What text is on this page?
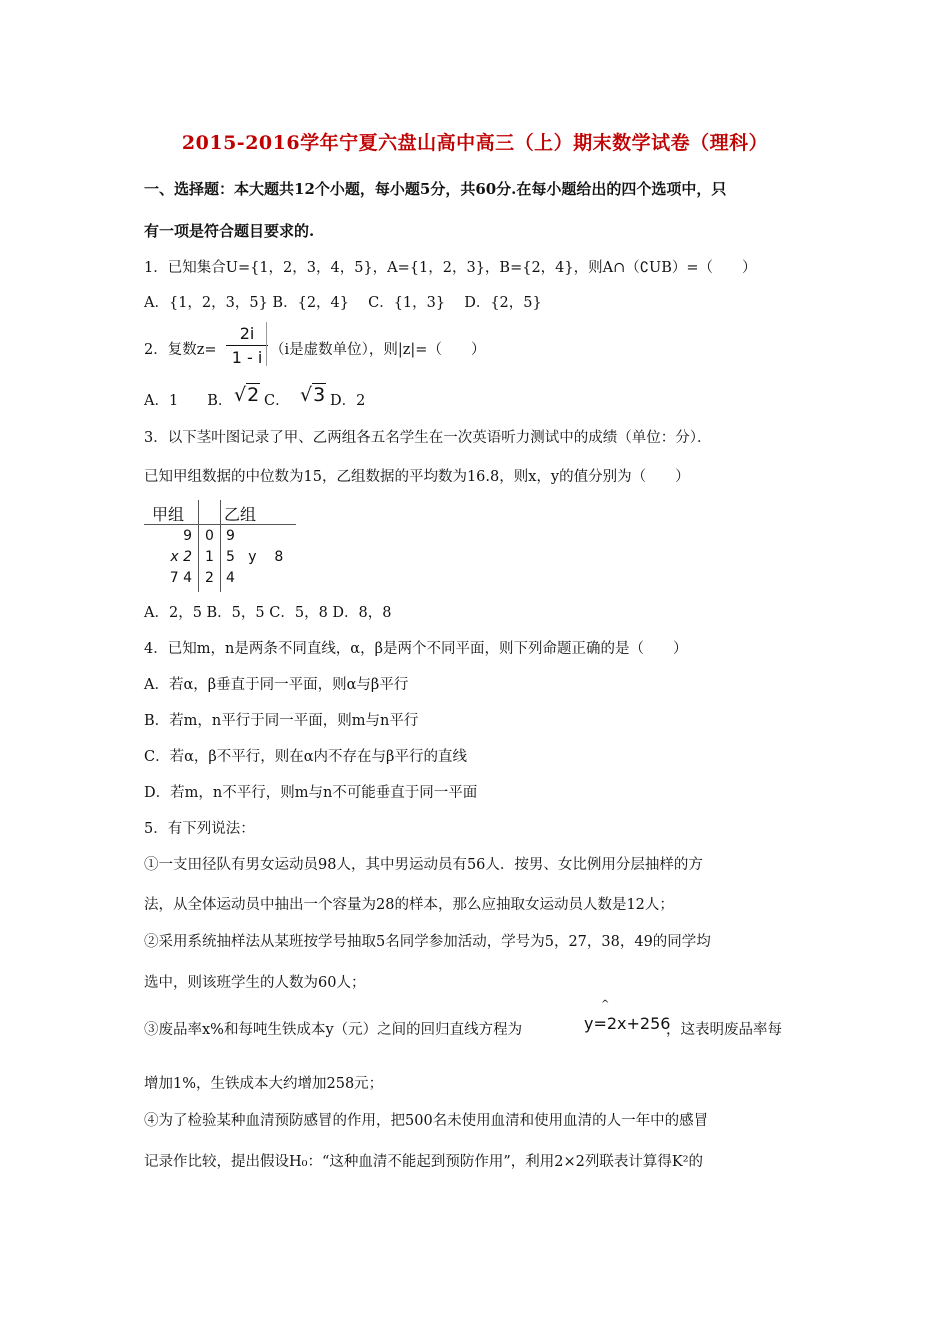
2015-2016学年宁夏六盘山高中高三（上）期末数学试卷（理科）
一、选择题：本大题共12个小题，每小题5分，共60分.在每小题给出的四个选项中，只
有一项是符合题目要求的.
1．已知集合U={1，2，3，4，5}，A={1，2，3}，B={2，4}，则A∩（∁UB）=（　　）
A．{1，2，3，5} B．{2，4}　 C．{1，3}　 D．{2，5}
2．复数$z= \frac{2i}{1 - i} (i$是虚数单位），则|z|=（　　）
A．1　　B． √2 C． √3 D．2
3．以下茎叶图记录了甲、乙两组各五名学生在一次英语听力测试中的成绩（单位：分）．
已知甲组数据的中位数为15，乙组数据的平均数为16.8，则x，y的值分别为（　　）
甲组 乙组
9 0 9
x 2 1 5   y    8
7 4 2 4
A．2，5 B．5，5 C．5，8 D．8，8
4．已知m，n是两条不同直线，α，β是两个不同平面，则下列命题正确的是（　　）
A．若α，β垂直于同一平面，则α与β平行
B．若m，n平行于同一平面，则m与n平行
C．若α，β不平行，则在α内不存在与β平行的直线
D．若m，n不平行，则m与n不可能垂直于同一平面
5．有下列说法：
①一支田径队有男女运动员98人，其中男运动员有56人．按男、女比例用分层抽样的方
法，从全体运动员中抽出一个容量为28的样本，那么应抽取女运动员人数是12人；
②采用系统抽样法从某班按学号抽取5名同学参加活动，学号为5，27，38，49的同学均
选中，则该班学生的人数为60人；
③废品率x%和每吨生铁成本y（元）之间的回归直线方程为
^
y=2x+256
，这表明废品率每
增加1%，生铁成本大约增加258元；
④为了检验某种血清预防感冒的作用，把500名未使用血清和使用血清的人一年中的感冒
记录作比较，提出假设H₀：“这种血清不能起到预防作用”，利用2×2列联表计算得K²的
